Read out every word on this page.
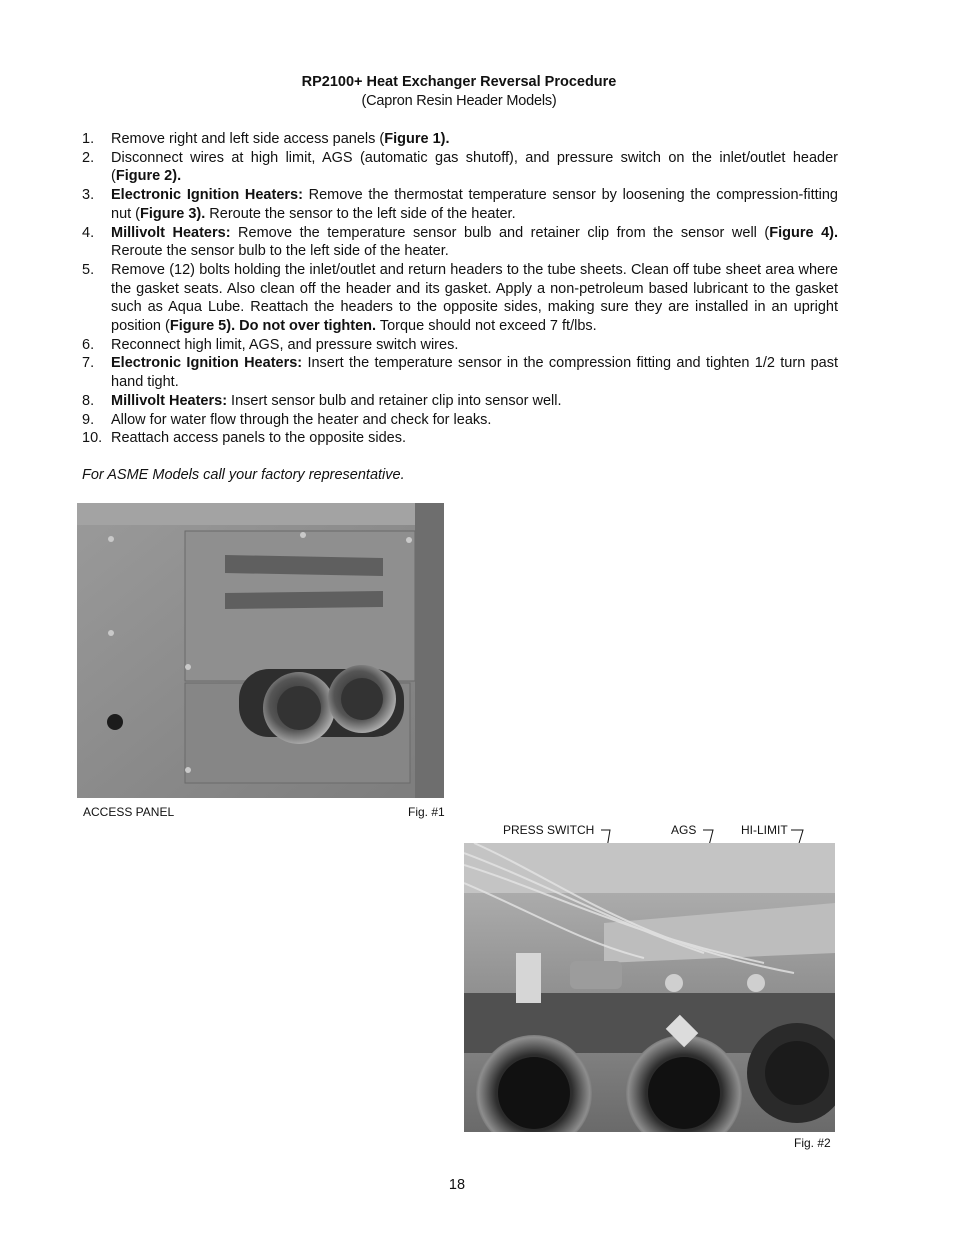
RP2100+ Heat Exchanger Reversal Procedure
(Capron Resin Header Models)
1.	Remove right and left side access panels (Figure 1).
2.	Disconnect wires at high limit, AGS (automatic gas shutoff), and pressure switch on the inlet/outlet header (Figure 2).
3.	Electronic Ignition Heaters: Remove the thermostat temperature sensor by loosening the compression-fitting nut (Figure 3). Reroute the sensor to the left side of the heater.
4.	Millivolt Heaters: Remove the temperature sensor bulb and retainer clip from the sensor well (Figure 4). Reroute the sensor bulb to the left side of the heater.
5.	Remove (12) bolts holding the inlet/outlet and return headers to the tube sheets. Clean off tube sheet area where the gasket seats. Also clean off the header and its gasket. Apply a non-petroleum based lubricant to the gasket such as Aqua Lube. Reattach the headers to the opposite sides, making sure they are installed in an upright position (Figure 5). Do not over tighten. Torque should not exceed 7 ft/lbs.
6.	Reconnect high limit, AGS, and pressure switch wires.
7.	Electronic Ignition Heaters: Insert the temperature sensor in the compression fitting and tighten 1/2 turn past hand tight.
8.	Millivolt Heaters: Insert sensor bulb and retainer clip into sensor well.
9.	Allow for water flow through the heater and check for leaks.
10. Reattach access panels to the opposite sides.
For ASME Models call your factory representative.
ACCESS PANEL	Fig. #1
PRESS SWITCH	AGS	HI-LIMIT
Fig. #2
18
